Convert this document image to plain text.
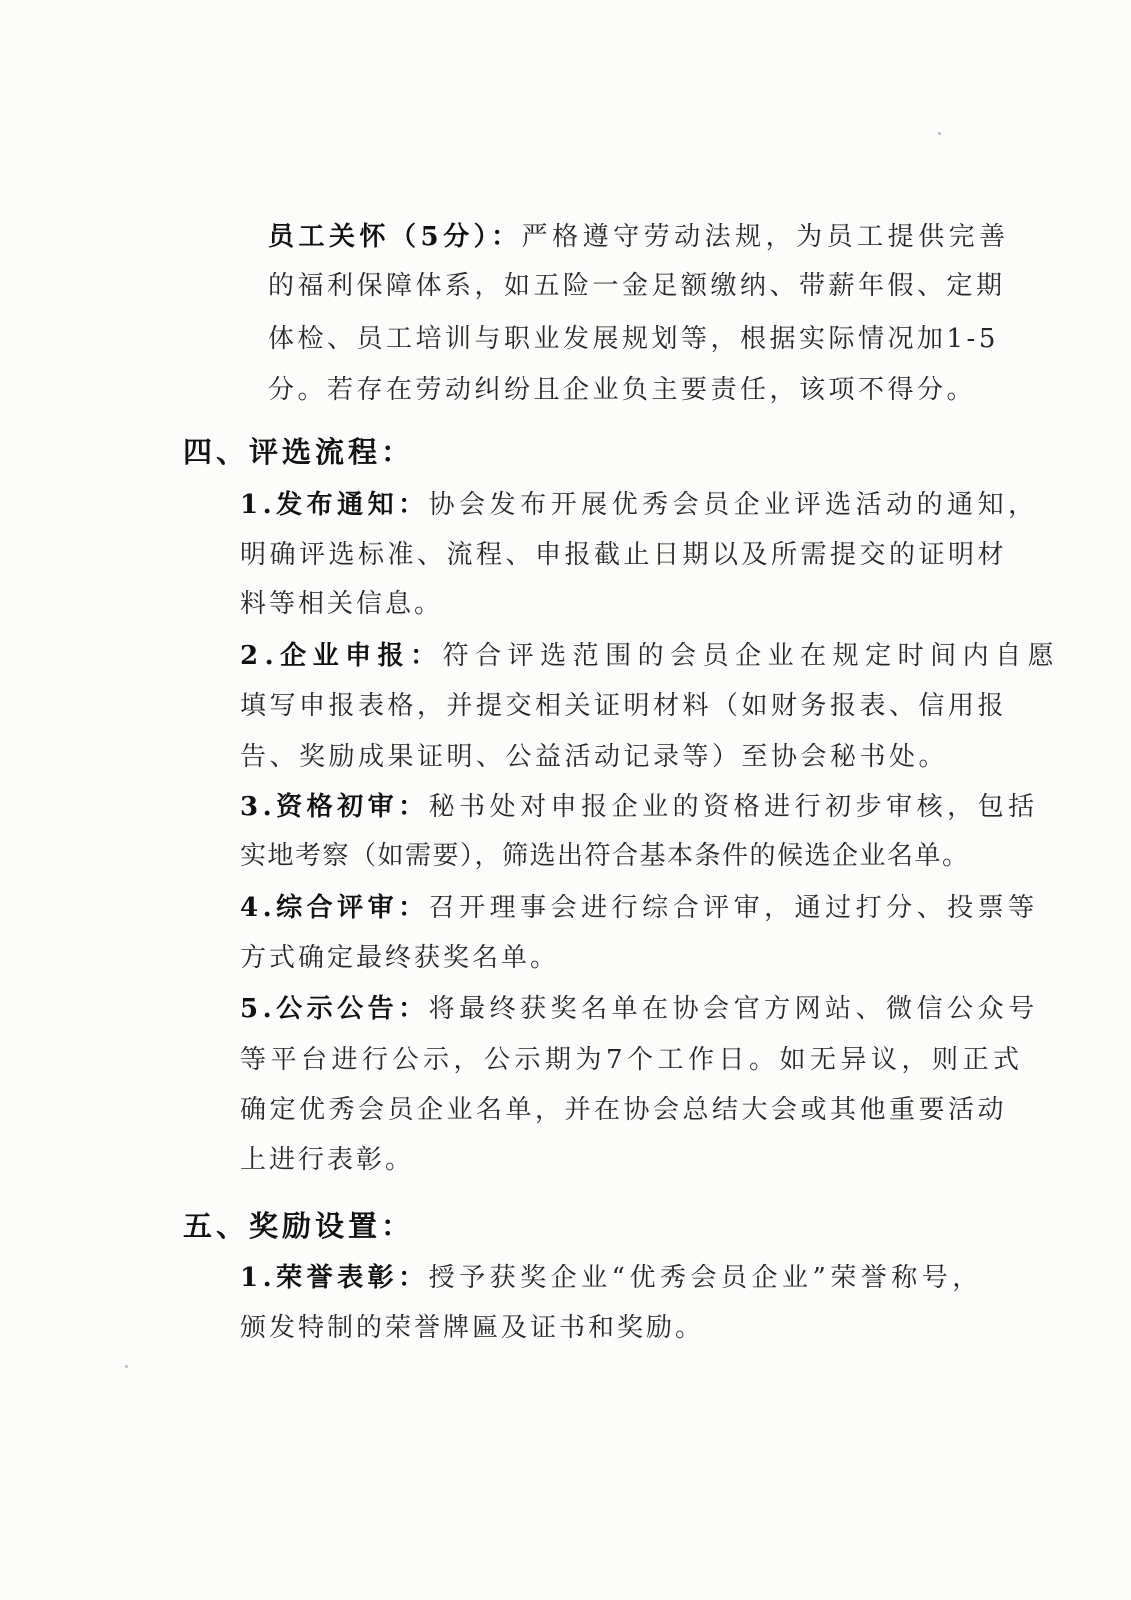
员工关怀（5分）：严格遵守劳动法规，为员工提供完善
的福利保障体系，如五险一金足额缴纳、带薪年假、定期
体检、员工培训与职业发展规划等，根据实际情况加1-5
分。若存在劳动纠纷且企业负主要责任，该项不得分。
四、评选流程：
1.发布通知：协会发布开展优秀会员企业评选活动的通知，
明确评选标准、流程、申报截止日期以及所需提交的证明材
料等相关信息。
2.企业申报：符合评选范围的会员企业在规定时间内自愿
填写申报表格，并提交相关证明材料（如财务报表、信用报
告、奖励成果证明、公益活动记录等）至协会秘书处。
3.资格初审：秘书处对申报企业的资格进行初步审核，包括
实地考察（如需要），筛选出符合基本条件的候选企业名单。
4.综合评审：召开理事会进行综合评审，通过打分、投票等
方式确定最终获奖名单。
5.公示公告：将最终获奖名单在协会官方网站、微信公众号
等平台进行公示，公示期为7个工作日。如无异议，则正式
确定优秀会员企业名单，并在协会总结大会或其他重要活动
上进行表彰。
五、奖励设置：
1.荣誉表彰：授予获奖企业“优秀会员企业”荣誉称号，
颁发特制的荣誉牌匾及证书和奖励。
